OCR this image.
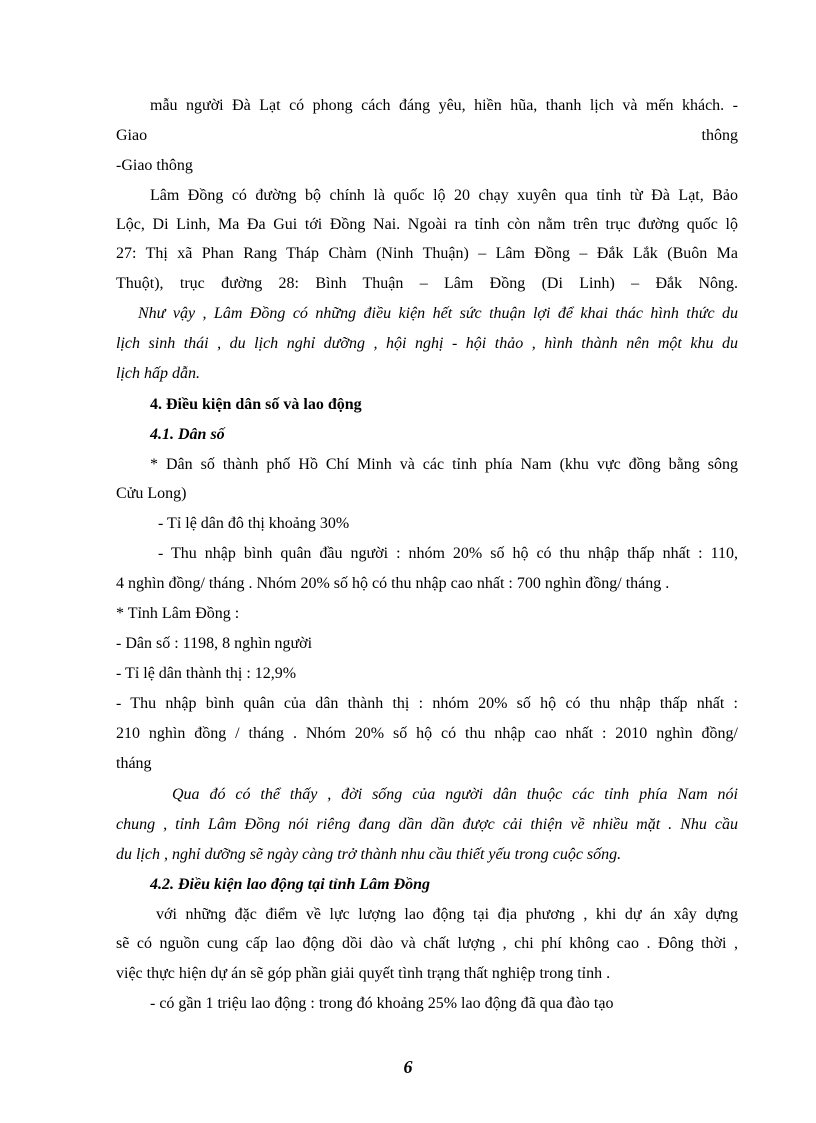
mẫu người Đà Lạt có phong cách đáng yêu, hiền hũa, thanh lịch và mến khách. -
Giao	thông
-Giao thông
Lâm Đồng có đường bộ chính là quốc lộ 20 chạy xuyên qua tỉnh từ Đà Lạt, Bảo
Lộc, Di Linh, Ma Đa Gui tới Đồng Nai. Ngoài ra tỉnh còn nằm trên trục đường quốc lộ
27: Thị xã Phan Rang Tháp Chàm (Ninh Thuận) – Lâm Đồng – Đắk Lắk (Buôn Ma
Thuột), trục đường 28: Bình Thuận – Lâm Đồng (Di Linh) – Đắk Nông.
Như vậy , Lâm Đồng có những điều kiện hết sức thuận lợi để khai thác hình thức du
lịch sinh thái , du lịch nghỉ dưỡng , hội nghị - hội thảo , hình thành nên một khu du
lịch hấp dẫn.
4. Điều kiện dân số và lao động
4.1. Dân số
* Dân số thành phố Hồ Chí Minh và các tỉnh phía Nam (khu vực đồng bằng sông
Cửu Long)
- Tỉ lệ dân đô thị khoảng 30%
- Thu nhập bình quân đầu người : nhóm 20% số hộ có thu nhập thấp nhất : 110,
4 nghìn đồng/ tháng . Nhóm 20% số hộ có thu nhập cao nhất : 700 nghìn đồng/ tháng .
* Tỉnh Lâm Đồng :
- Dân số : 1198, 8 nghìn người
- Tỉ lệ dân thành thị : 12,9%
- Thu nhập bình quân của dân thành thị : nhóm 20% số hộ có thu nhập thấp nhất :
210 nghìn đồng / tháng . Nhóm 20% số hộ có thu nhập cao nhất : 2010 nghìn đồng/
tháng
Qua đó có thể thấy , đời sống của người dân thuộc các tỉnh phía Nam nói
chung , tỉnh Lâm Đồng nói riêng đang dần dần được cải thiện về nhiều mặt . Nhu cầu
du lịch , nghỉ dưỡng sẽ ngày càng trở thành nhu cầu thiết yếu trong cuộc sống.
4.2. Điều kiện lao động tại tỉnh Lâm Đồng
với những đặc điểm về lực lượng lao động tại địa phương , khi dự án xây dựng
sẽ có nguồn cung cấp lao động dồi dào và chất lượng , chi phí không cao . Đông thời ,
việc thực hiện dự án sẽ góp phần giải quyết tình trạng thất nghiệp trong tỉnh .
- có gần 1 triệu lao động : trong đó khoảng 25% lao động đã qua đào tạo
6
